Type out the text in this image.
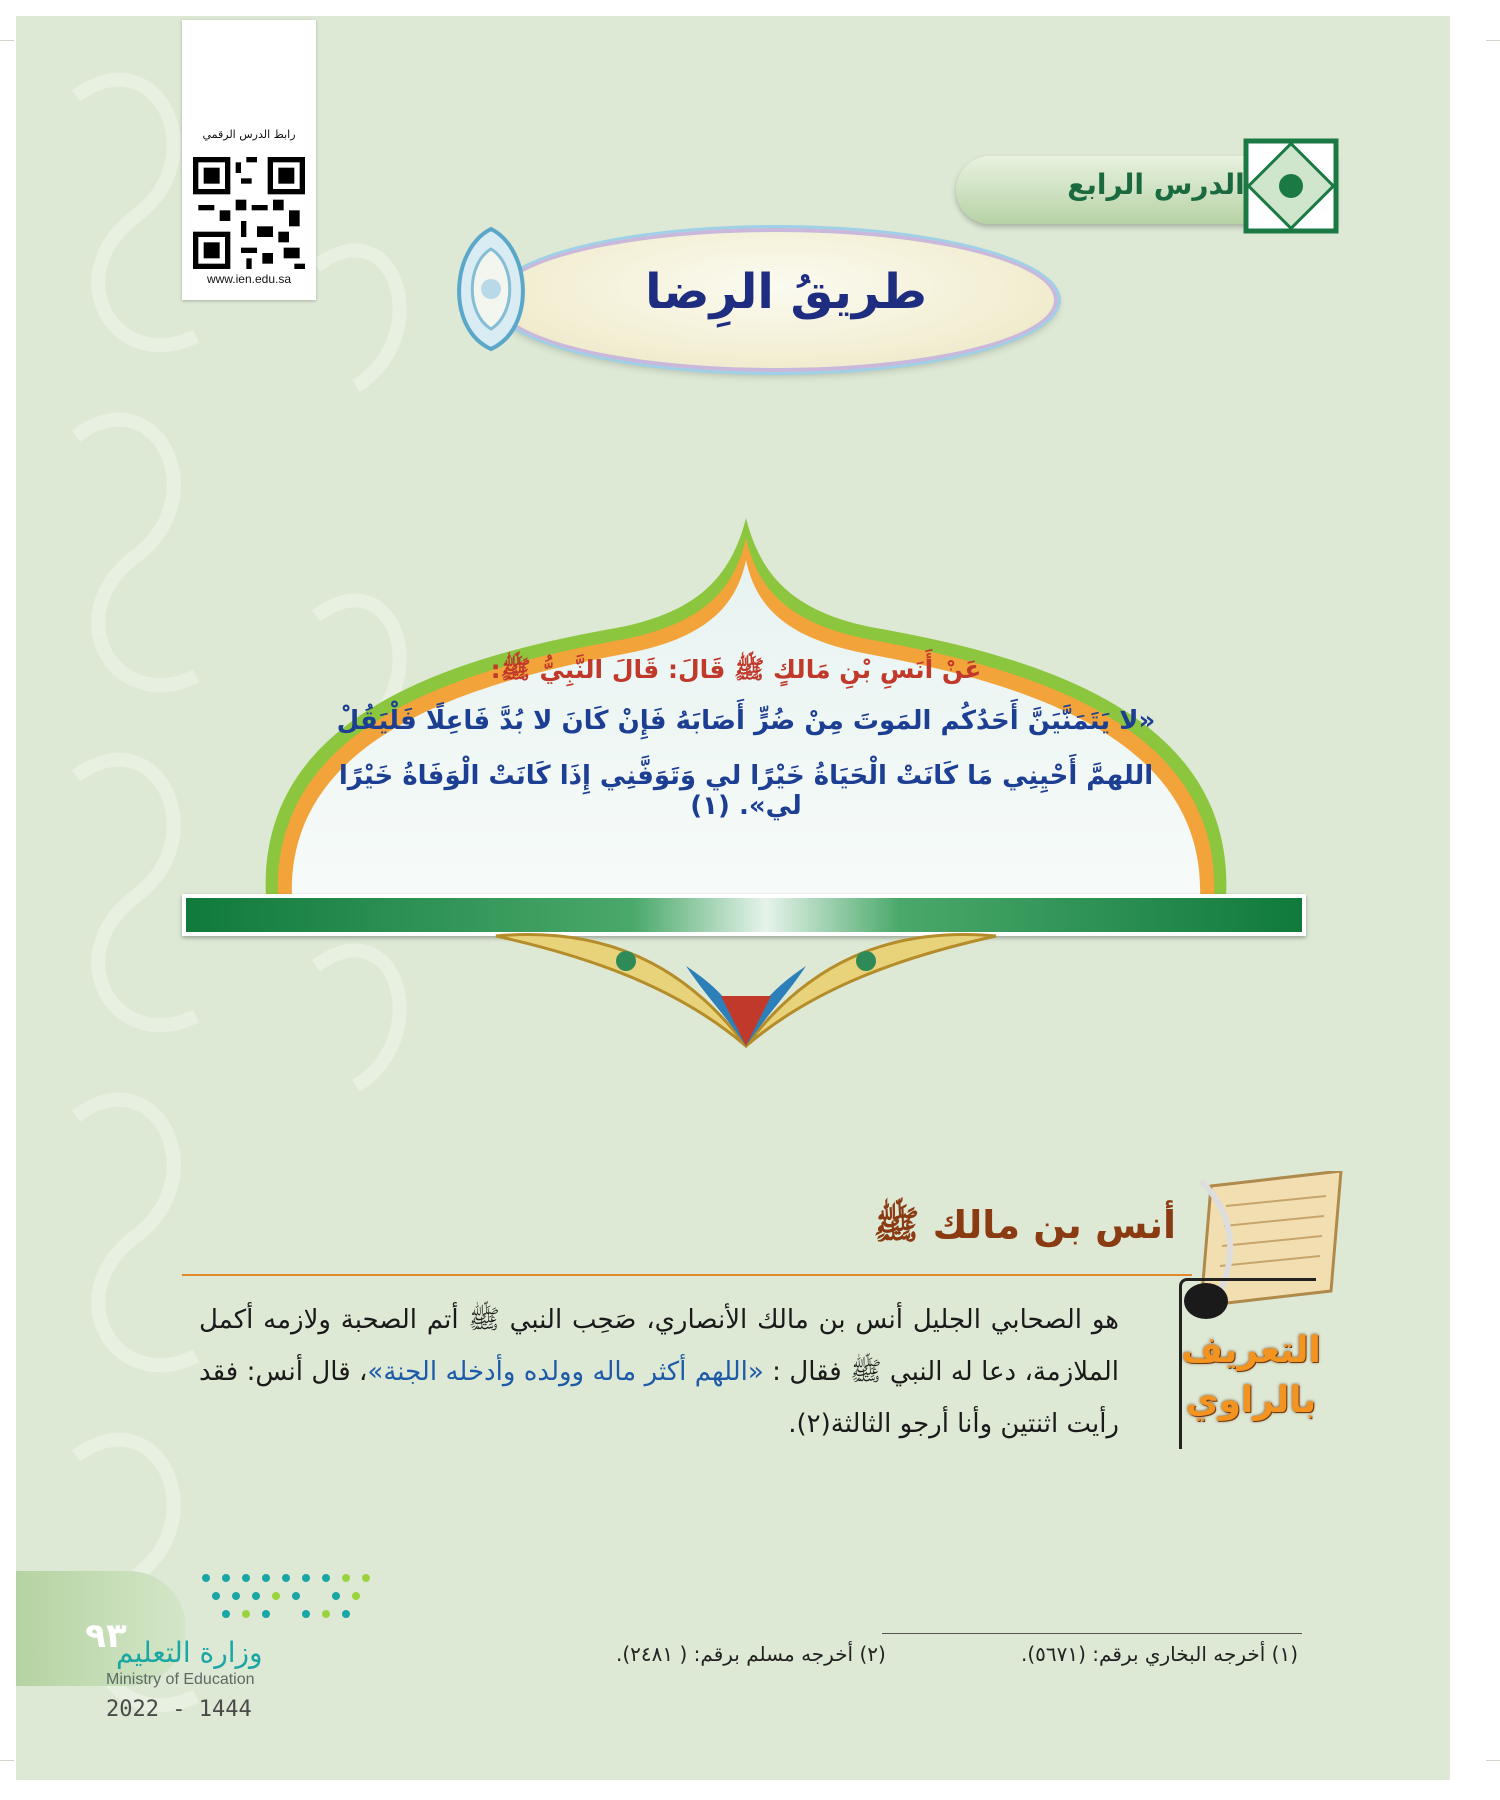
رابط الدرس الرقمي
www.ien.edu.sa
الدرس الرابع
طريقُ الرِضا
عَنْ أَنَسِ بْنِ مَالكٍ ﷺ قَالَ: قَالَ النَّبِيُّ ﷺ:
«لا يَتَمَنَّيَنَّ أَحَدُكُم المَوتَ مِنْ ضُرٍّ أَصَابَهُ فَإِنْ كَانَ لا بُدَّ فَاعِلًا فَلْيَقُلْ
اللهمَّ أَحْيِنِي مَا كَانَتْ الْحَيَاةُ خَيْرًا لي وَتَوَفَّنِي إِذَا كَانَتْ الْوَفَاةُ خَيْرًا لي». (١)
أنس بن مالك ﷺ
التعريف
بالراوي
هو الصحابي الجليل أنس بن مالك الأنصاري، صَحِب النبي ﷺ أتم الصحبة ولازمه أكمل الملازمة، دعا له النبي ﷺ فقال : «اللهم أكثر ماله وولده وأدخله الجنة»، قال أنس: فقد رأيت اثنتين وأنا أرجو الثالثة(٢).
٩٣
وزارة التعليم
Ministry of Education
2022 - 1444
(١) أخرجه البخاري برقم: (٥٦٧١).
(٢) أخرجه مسلم برقم: ( ٢٤٨١).
